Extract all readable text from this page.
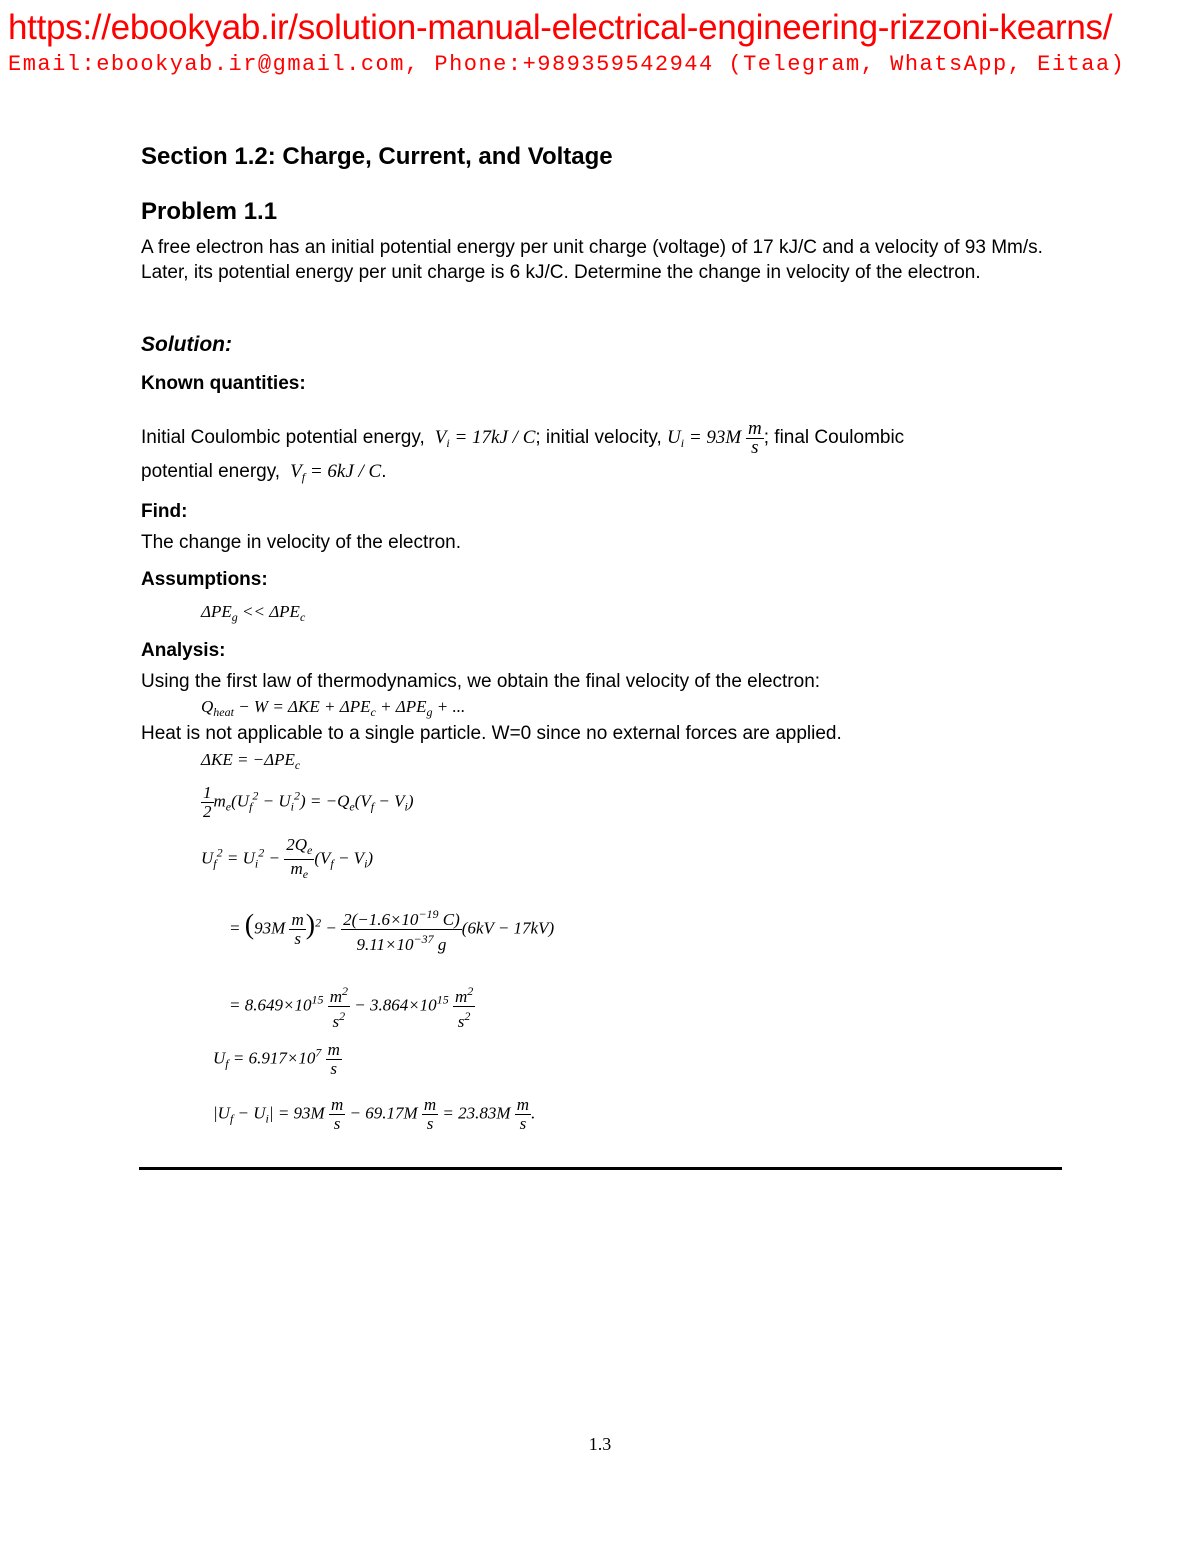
https://ebookyab.ir/solution-manual-electrical-engineering-rizzoni-kearns/
Email:ebookyab.ir@gmail.com, Phone:+989359542944 (Telegram, WhatsApp, Eitaa)
Section 1.2: Charge, Current, and Voltage
Problem 1.1
A free electron has an initial potential energy per unit charge (voltage) of 17 kJ/C and a velocity of 93 Mm/s. Later, its potential energy per unit charge is 6 kJ/C. Determine the change in velocity of the electron.
Solution:
Known quantities:
Initial Coulombic potential energy,  $V_i = 17kJ / C$; initial velocity, $U_i = 93M \frac{m}{s}$ ; final Coulombic
potential energy,  $V_f = 6kJ / C$.
Find:
The change in velocity of the electron.
Assumptions:
$\Delta PE_g << \Delta PE_c$
Analysis:
Using the first law of thermodynamics, we obtain the final velocity of the electron:
$Q_{heat} - W = \Delta KE + \Delta PE_c + \Delta PE_g$ + ...
Heat is not applicable to a single particle. W=0 since no external forces are applied.
$\Delta KE = -\Delta PE_c$
$\frac{1}{2} m_e(U_f^2 - U_i^2) = -Q_e(V_f - V_i)$
$U_f^2 = U_i^2 - \frac{2Q_e}{m_e} (V_f - V_i)$
= $(93M \frac{m}{s} )^2 - \frac{2(-1.6\times 10^{-19} C)}{9.11\times 10^{-37} g} (6kV - 17kV)$
= $8.649\times 10^{15} \frac{m^2}{s^2} - 3.864\times 10^{15} \frac{m^2}{s^2}$
$U_f = 6.917\times 10^7 \frac{m}{s}$
$|U_f - U_i| = 93M \frac{m}{s} - 69.17M \frac{m}{s} = 23.83M \frac{m}{s}$ .
1.3
